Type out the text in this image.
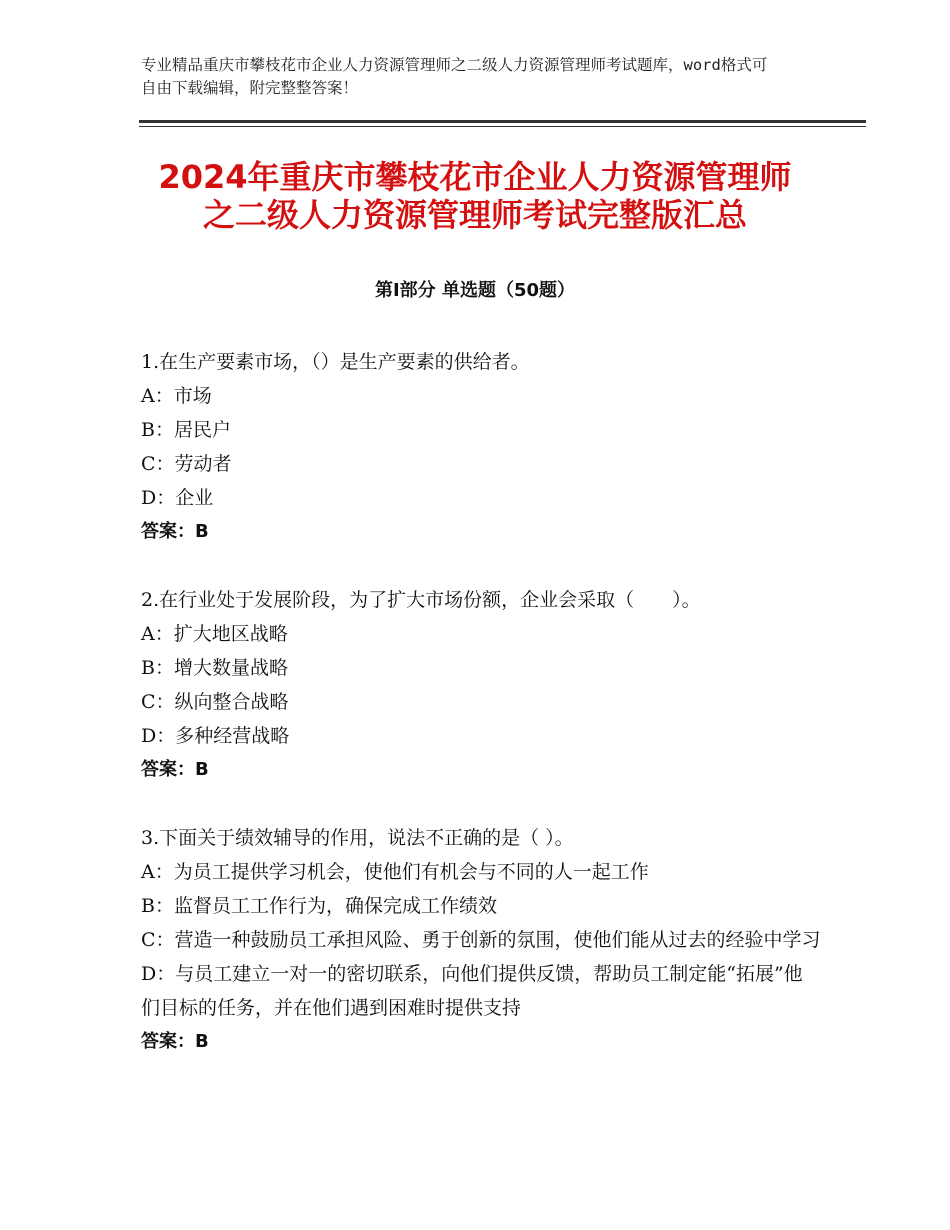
专业精品重庆市攀枝花市企业人力资源管理师之二级人力资源管理师考试题库，word格式可自由下载编辑，附完整整答案！
2024年重庆市攀枝花市企业人力资源管理师
之二级人力资源管理师考试完整版汇总
第Ⅰ部分 单选题（50题）

1.在生产要素市场，（）是生产要素的供给者。

A：市场
B：居民户
C：劳动者
D：企业
答案：B

2.在行业处于发展阶段，为了扩大市场份额，企业会采取（　　）。

A：扩大地区战略
B：增大数量战略
C：纵向整合战略
D：多种经营战略
答案：B

3.下面关于绩效辅导的作用，说法不正确的是（ ）。

A：为员工提供学习机会，使他们有机会与不同的人一起工作
B：监督员工工作行为，确保完成工作绩效
C：营造一种鼓励员工承担风险、勇于创新的氛围，使他们能从过去的经验中学习
D：与员工建立一对一的密切联系，向他们提供反馈，帮助员工制定能“拓展”他们目标的任务，并在他们遇到困难时提供支持
答案：B
